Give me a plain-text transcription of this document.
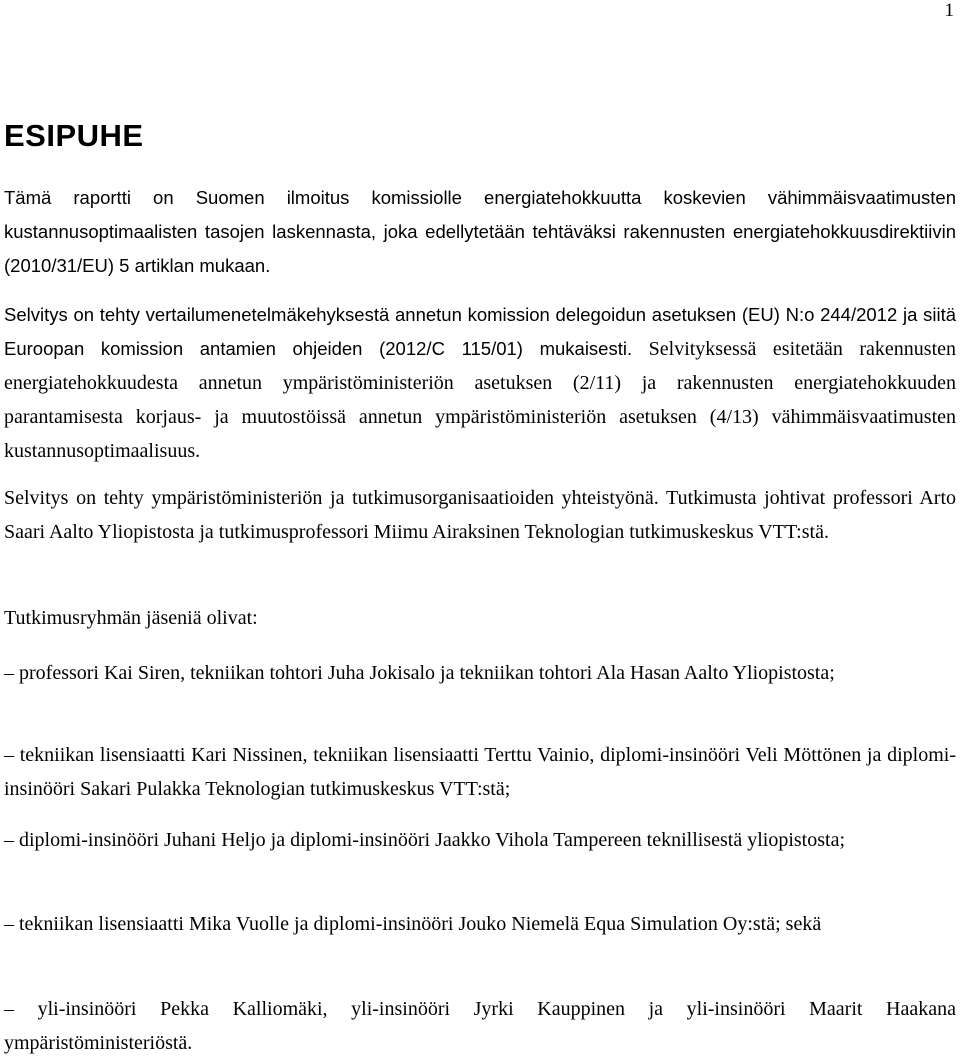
1
ESIPUHE

Tämä raportti on Suomen ilmoitus komissiolle energiatehokkuutta koskevien vähimmäisvaatimusten kustannusoptimaalisten tasojen laskennasta, joka edellytetään tehtäväksi rakennusten energiatehokkuusdirektiivin (2010/31/EU) 5 artiklan mukaan.

Selvitys on tehty vertailumenetelmäkehyksestä annetun komission delegoidun asetuksen (EU) N:o 244/2012 ja siitä Euroopan komission antamien ohjeiden (2012/C 115/01) mukaisesti. Selvityksessä esitetään rakennusten energiatehokkuudesta annetun ympäristöministeriön asetuksen (2/11) ja rakennusten energiatehokkuuden parantamisesta korjaus- ja muutostöissä annetun ympäristöministeriön asetuksen (4/13) vähimmäisvaatimusten kustannusoptimaalisuus.

Selvitys on tehty ympäristöministeriön ja tutkimusorganisaatioiden yhteistyönä. Tutkimusta johtivat professori Arto Saari Aalto Yliopistosta ja tutkimusprofessori Miimu Airaksinen Teknologian tutkimuskeskus VTT:stä.

Tutkimusryhmän jäseniä olivat:

– professori Kai Siren, tekniikan tohtori Juha Jokisalo ja tekniikan tohtori Ala Hasan Aalto Yliopistosta;

– tekniikan lisensiaatti Kari Nissinen, tekniikan lisensiaatti Terttu Vainio, diplomi-insinööri Veli Möttönen ja diplomi-insinööri Sakari Pulakka Teknologian tutkimuskeskus VTT:stä;

– diplomi-insinööri Juhani Heljo ja diplomi-insinööri Jaakko Vihola Tampereen teknillisestä yliopistosta;

– tekniikan lisensiaatti Mika Vuolle ja diplomi-insinööri Jouko Niemelä Equa Simulation Oy:stä; sekä

– yli-insinööri Pekka Kalliomäki, yli-insinööri Jyrki Kauppinen ja yli-insinööri Maarit Haakana ympäristöministeriöstä.
